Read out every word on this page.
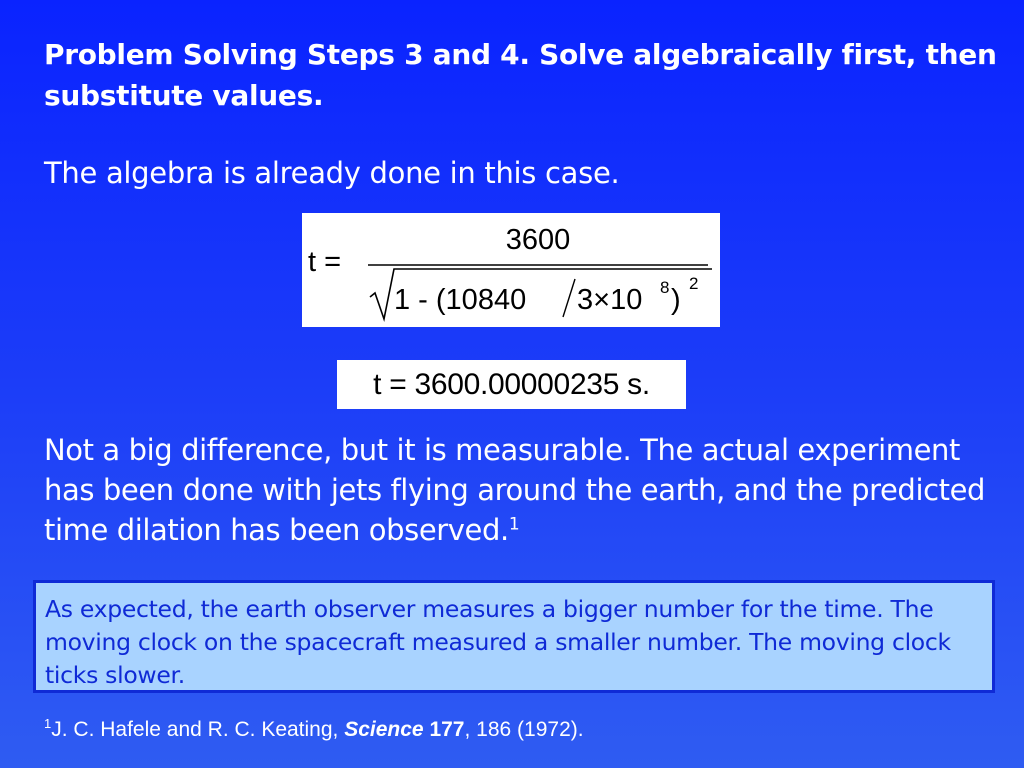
Problem Solving Steps 3 and 4. Solve algebraically first, then substitute values.

The algebra is already done in this case.

t =
3600
1 - (10840 3×10 8 )
2
t = 3600.00000235 s.

Not a big difference, but it is measurable. The actual experiment has been done with jets flying around the earth, and the predicted time dilation has been observed.$^1$

As expected, the earth observer measures a bigger number for the time. The moving clock on the spacecraft measured a smaller number. The moving clock ticks slower.

$^1$J. C. Hafele and R. C. Keating, Science 177, 186 (1972).
